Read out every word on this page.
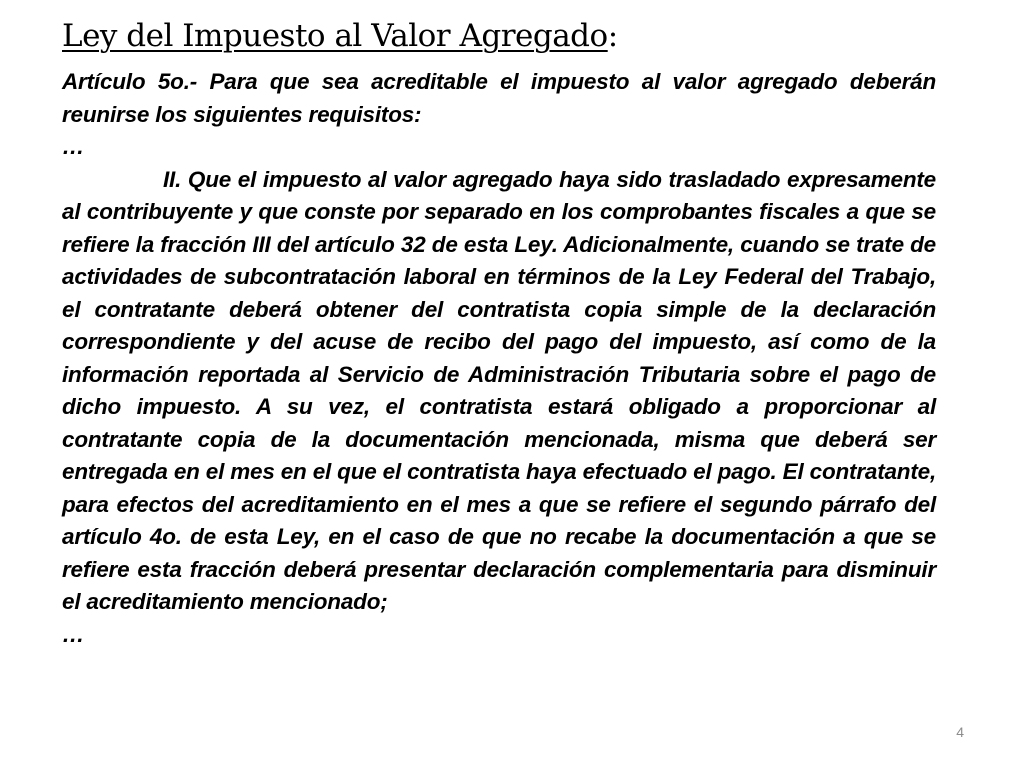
Ley del Impuesto al Valor Agregado:

Artículo 5o.- Para que sea acreditable el impuesto al valor agregado deberán reunirse los siguientes requisitos:

…

II. Que el impuesto al valor agregado haya sido trasladado expresamente al contribuyente y que conste por separado en los comprobantes fiscales a que se refiere la fracción III del artículo 32 de esta Ley. Adicionalmente, cuando se trate de actividades de subcontratación laboral en términos de la Ley Federal del Trabajo, el contratante deberá obtener del contratista copia simple de la declaración correspondiente y del acuse de recibo del pago del impuesto, así como de la información reportada al Servicio de Administración Tributaria sobre el pago de dicho impuesto. A su vez, el contratista estará obligado a proporcionar al contratante copia de la documentación mencionada, misma que deberá ser entregada en el mes en el que el contratista haya efectuado el pago. El contratante, para efectos del acreditamiento en el mes a que se refiere el segundo párrafo del artículo 4o. de esta Ley, en el caso de que no recabe la documentación a que se refiere esta fracción deberá presentar declaración complementaria para disminuir el acreditamiento mencionado;

…

4
